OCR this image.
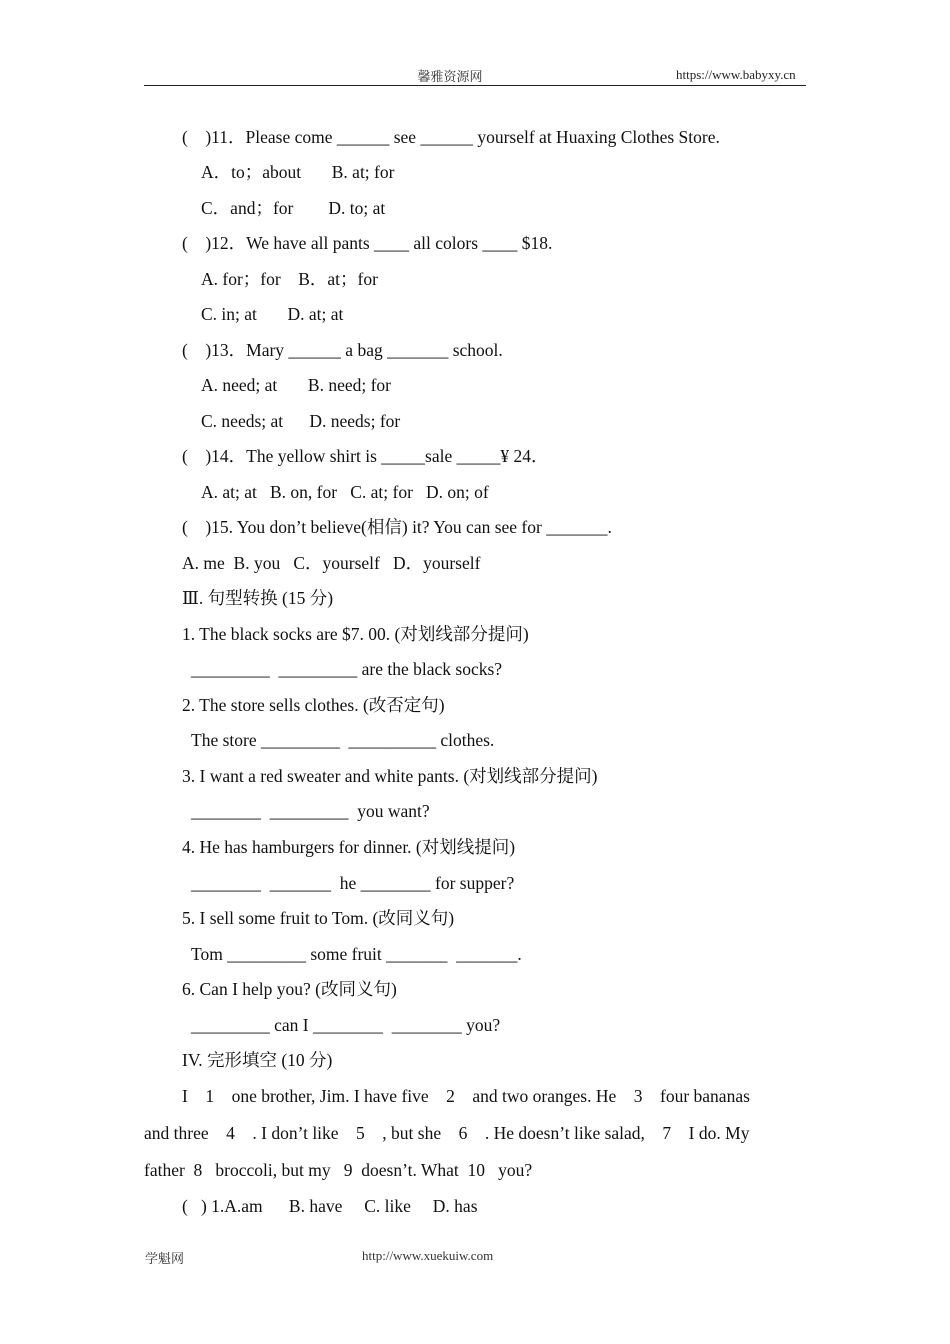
馨雅资源网	https://www.babyxy.cn
(    )11．Please come ______ see ______ yourself at Huaxing Clothes Store.
A．to；about       B. at; for
C．and；for        D. to; at
(    )12．We have all pants ____ all colors ____ $18.
A. for；for    B．at；for
C. in; at       D. at; at
(    )13．Mary ______ a bag _______ school.
A. need; at       B. need; for
C. needs; at      D. needs; for
(    )14．The yellow shirt is _____sale _____¥ 24．
A. at; at   B. on, for   C. at; for   D. on; of
(    )15. You don’t believe(相信) it? You can see for _______.
A. me  B. you   C．yourself   D．yourself
Ⅲ. 句型转换 (15 分)
1. The black socks are $7. 00. (对划线部分提问)
_________  _________ are the black socks?
2. The store sells clothes. (改否定句)
The store _________  __________ clothes.
3. I want a red sweater and white pants. (对划线部分提问)
________  _________  you want?
4. He has hamburgers for dinner. (对划线提问)
________  _______  he ________ for supper?
5. I sell some fruit to Tom. (改同义句)
Tom _________ some fruit _______  _______.
6. Can I help you? (改同义句)
_________ can I ________  ________ you?
IV. 完形填空 (10 分)
I    1    one brother, Jim. I have five    2    and two oranges. He    3    four bananas
and three    4    . I don’t like    5    , but she    6    . He doesn’t like salad,    7    I do. My
father  8   broccoli, but my   9  doesn’t. What  10   you?
(   ) 1.A.am      B. have     C. like     D. has
学魁网	http://www.xuekuiw.com
